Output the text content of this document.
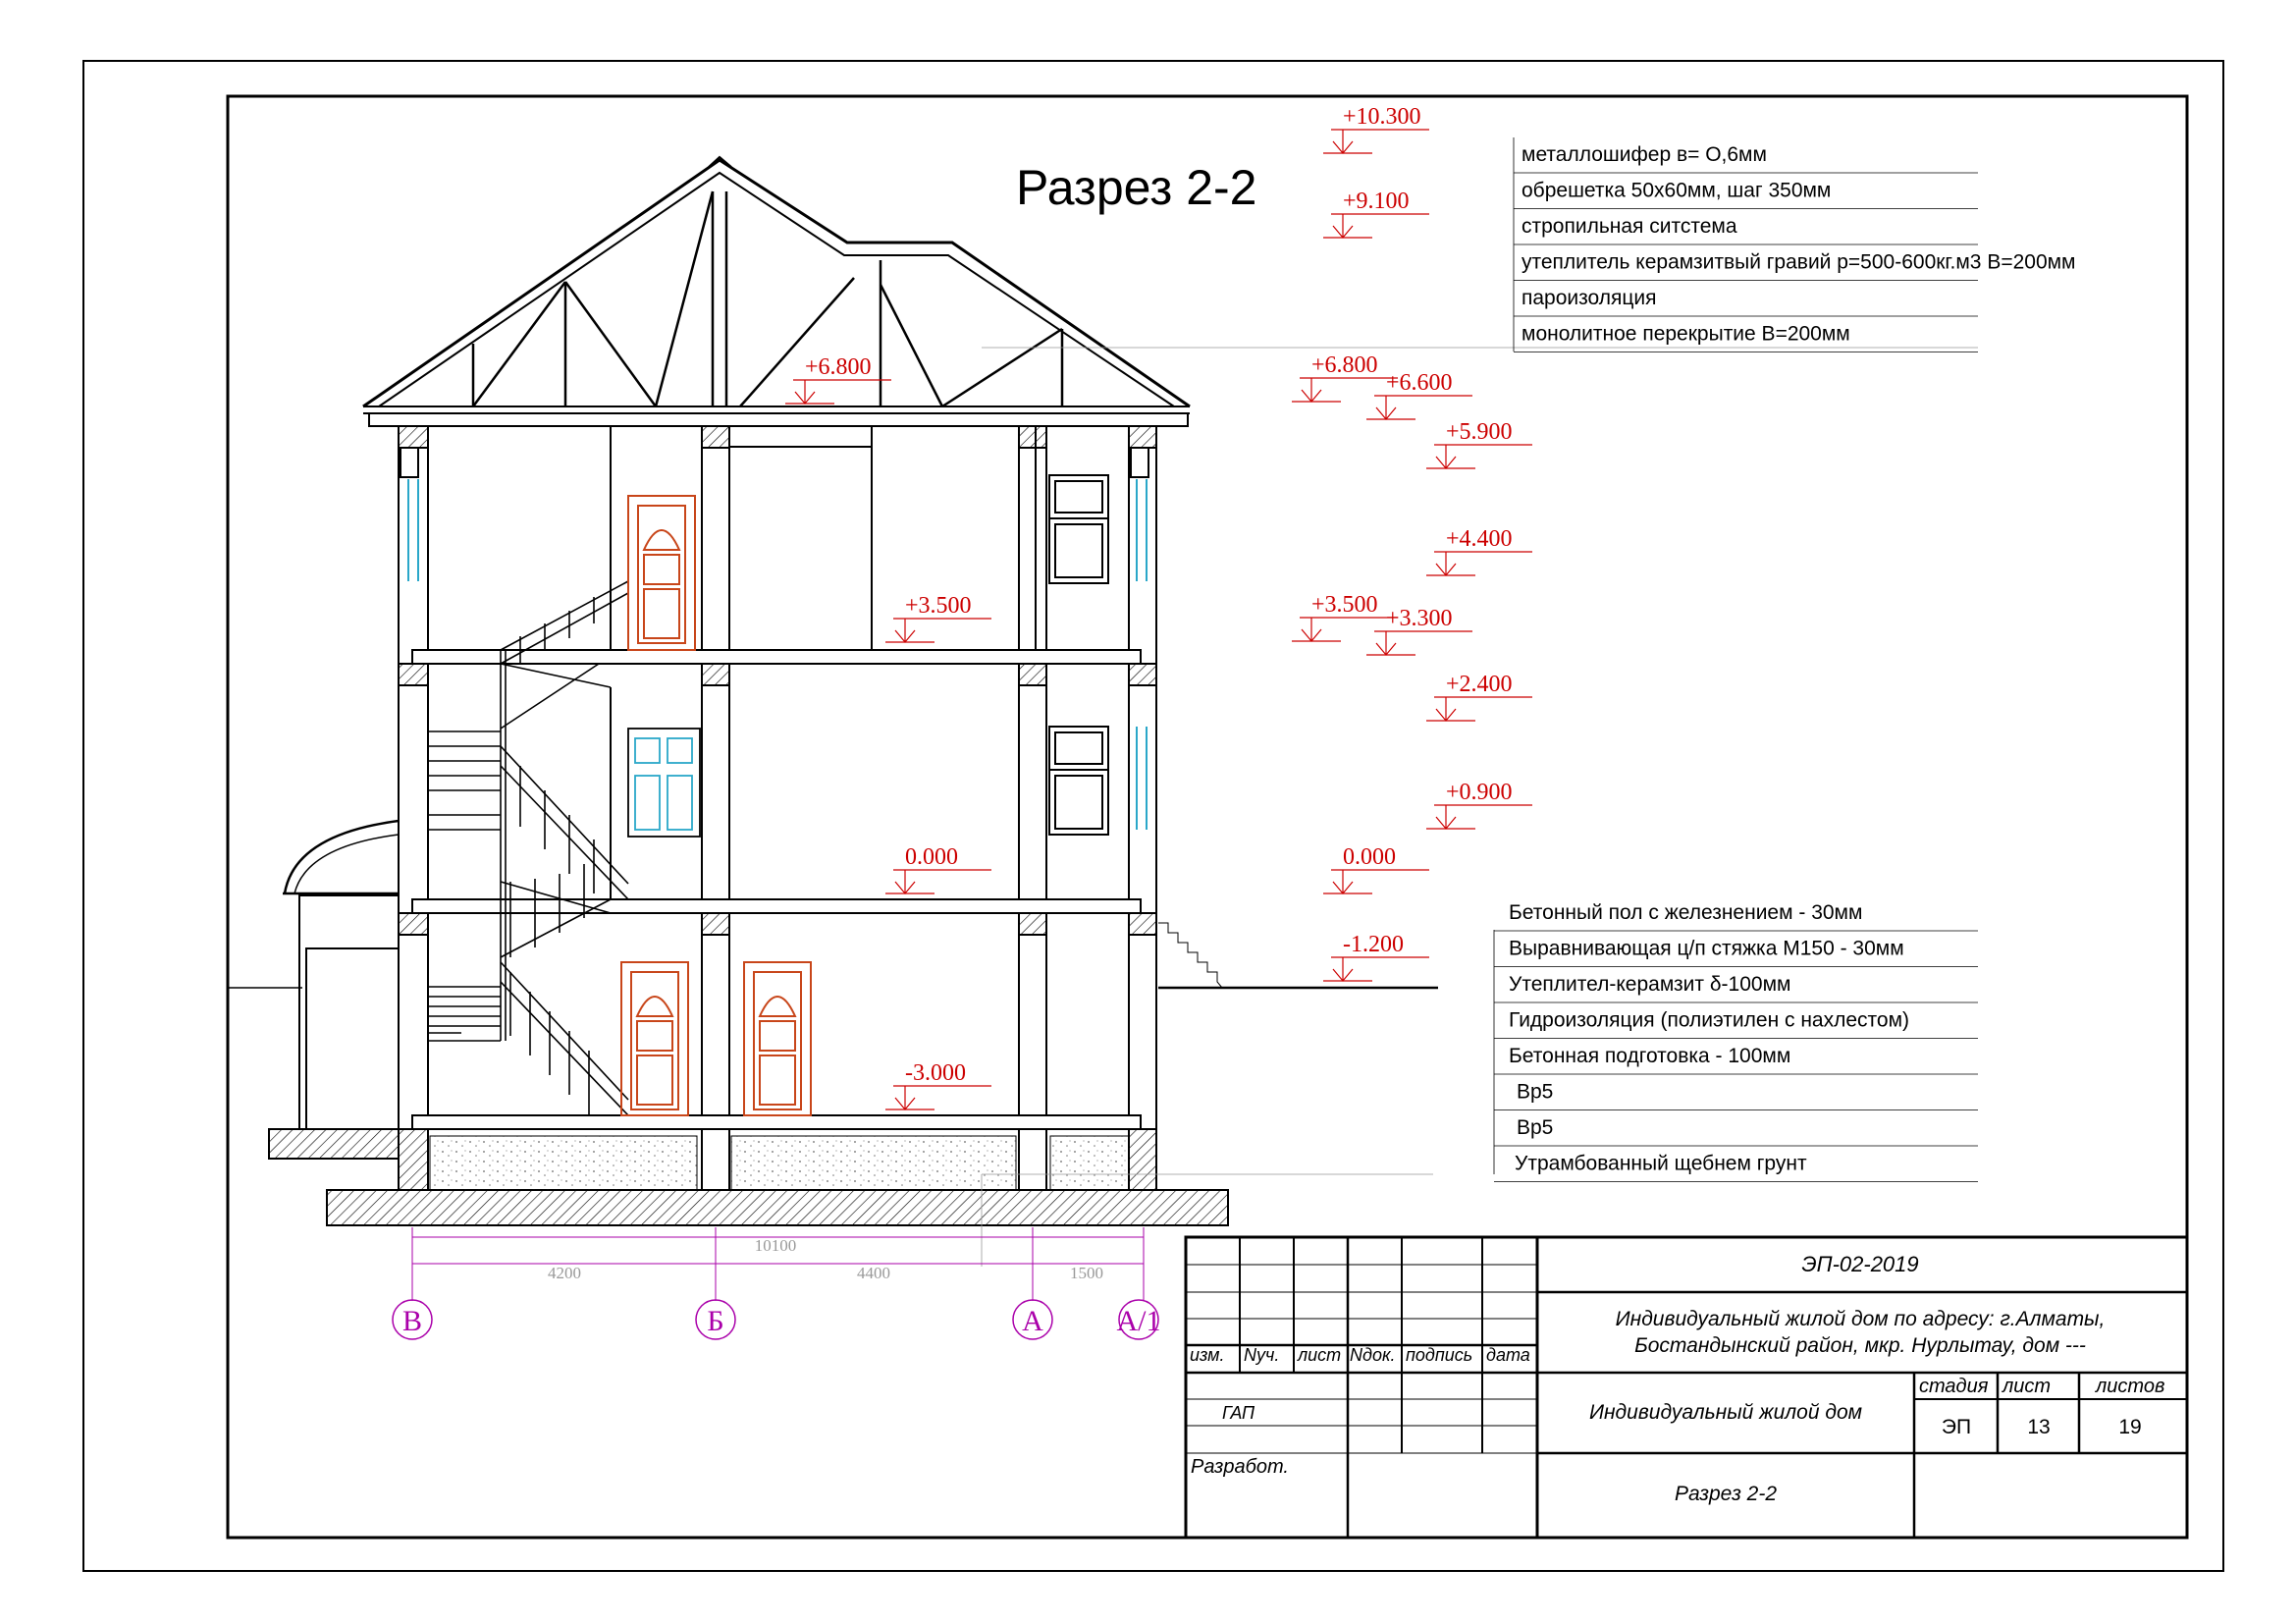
Разрез 2-2
+10.300
+9.100
+6.800
+6.600
+5.900
+4.400
+3.500
+3.300
+2.400
+0.900
0.000
-1.200
+6.800
+3.500
0.000
-3.000
металлошифер в= О,6мм
обрешетка 50х60мм, шаг 350мм
стропильная ситстема
утеплитель керамзитвый гравий p=500-600кг.м3 B=200мм
пароизоляция
монолитное перекрытие B=200мм
Бетонный пол с железнением - 30мм
Выравнивающая ц/п стяжка М150 - 30мм
Утеплител-керамзит δ-100мм
Гидроизоляция (полиэтилен с нахлестом)
Бетонная подготовка - 100мм
Вр5
Вр5
Утрамбованный щебнем грунт
10100
4200	4400	1500
В	Б	А А/1
изм. Nуч. лист Nдок. подпись дата
ГАП
Разработ.
ЭП-02-2019
Индивидуальный жилой дом по адресу: г.Алматы,
Бостандынский район, мкр. Нурлытау, дом ---
Индивидуальный жилой дом
Разрез 2-2
стадия лист листов
ЭП	13	19
